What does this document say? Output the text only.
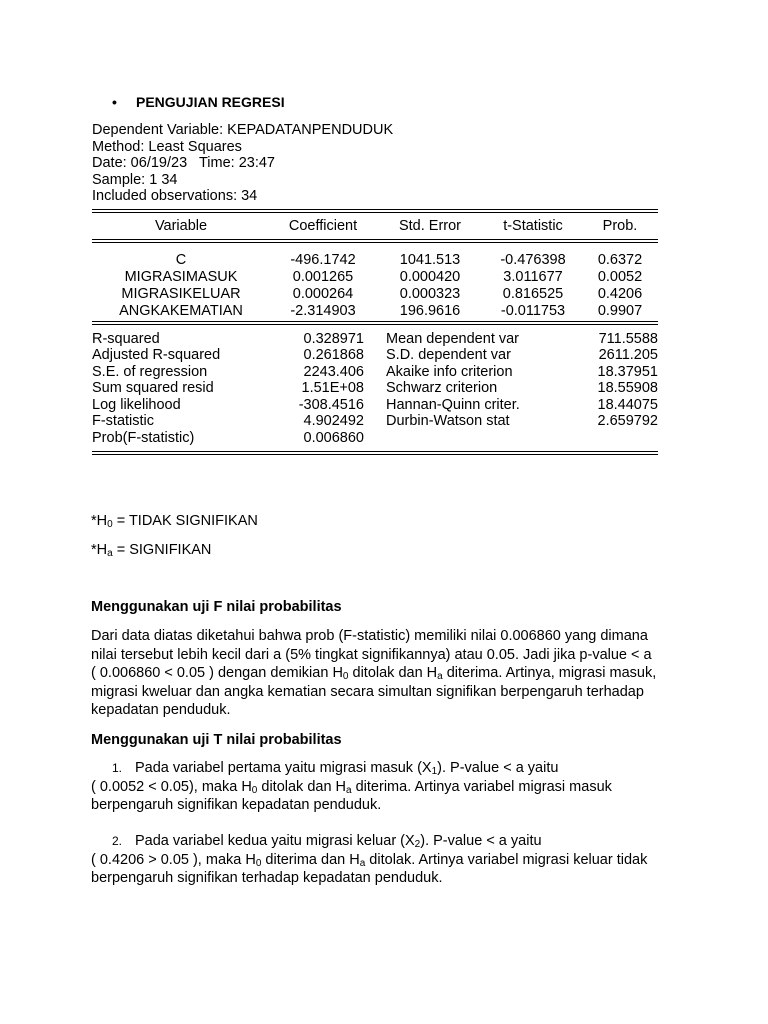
• PENGUJIAN REGRESI
Dependent Variable: KEPADATANPENDUDUK
Method: Least Squares
Date: 06/19/23   Time: 23:47
Sample: 1 34
Included observations: 34
Variable	Coefficient	Std. Error	t-Statistic	Prob.
C	-496.1742	1041.513	-0.476398	0.6372
MIGRASIMASUK	0.001265	0.000420	3.011677	0.0052
MIGRASIKELUAR	0.000264	0.000323	0.816525	0.4206
ANGKAKEMATIAN	-2.314903	196.9616	-0.011753	0.9907
R-squared	0.328971	Mean dependent var	711.5588
Adjusted R-squared	0.261868	S.D. dependent var	2611.205
S.E. of regression	2243.406	Akaike info criterion	18.37951
Sum squared resid	1.51E+08	Schwarz criterion	18.55908
Log likelihood	-308.4516	Hannan-Quinn criter.	18.44075
F-statistic	4.902492	Durbin-Watson stat	2.659792
Prob(F-statistic)	0.006860		
$*H_0$ = TIDAK SIGNIFIKAN
$*H_a$ = SIGNIFIKAN
Menggunakan uji F nilai probabilitas
Dari data diatas diketahui bahwa prob (F-statistic) memiliki nilai 0.006860 yang dimana
nilai tersebut lebih kecil dari a (5% tingkat signifikannya) atau 0.05. Jadi jika p-value < a
( 0.006860 < 0.05 ) dengan demikian $H_0$ ditolak dan $H_a$ diterima. Artinya, migrasi masuk,
migrasi kweluar dan angka kematian secara simultan signifikan berpengaruh terhadap
kepadatan penduduk.
Menggunakan uji T nilai probabilitas
1. Pada variabel pertama yaitu migrasi masuk $(X_1)$. P-value < a yaitu
( 0.0052 < 0.05), maka $H_0$ ditolak dan $H_a$ diterima. Artinya variabel migrasi masuk
berpengaruh signifikan kepadatan penduduk.
2. Pada variabel kedua yaitu migrasi keluar $(X_2)$. P-value < a yaitu
( 0.4206 > 0.05 ), maka $H_0$ diterima dan $H_a$ ditolak. Artinya variabel migrasi keluar tidak
berpengaruh signifikan terhadap kepadatan penduduk.
